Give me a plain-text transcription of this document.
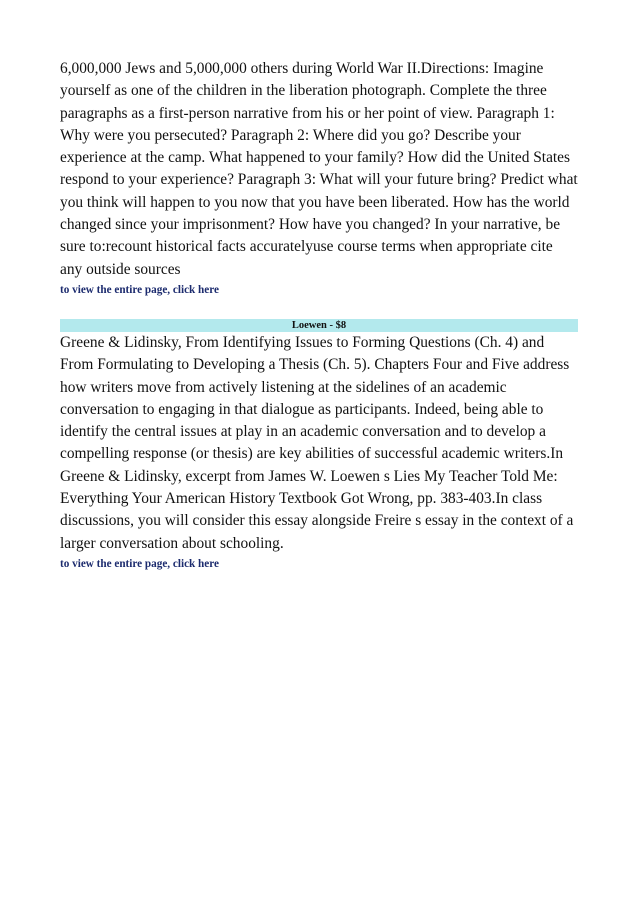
6,000,000 Jews and 5,000,000 others during World War II.Directions: Imagine yourself as one of the children in the liberation photograph. Complete the three paragraphs as a first-person narrative from his or her point of view. Paragraph 1: Why were you persecuted? Paragraph 2: Where did you go? Describe your experience at the camp. What happened to your family? How did the United States respond to your experience? Paragraph 3: What will your future bring? Predict what you think will happen to you now that you have been liberated. How has the world changed since your imprisonment? How have you changed? In your narrative, be sure to:recount historical facts accuratelyuse course terms when appropriate cite any outside sources

to view the entire page, click here
Loewen - $8

Greene & Lidinsky, From Identifying Issues to Forming Questions (Ch. 4) and From Formulating to Developing a Thesis (Ch. 5). Chapters Four and Five address how writers move from actively listening at the sidelines of an academic conversation to engaging in that dialogue as participants. Indeed, being able to identify the central issues at play in an academic conversation and to develop a compelling response (or thesis) are key abilities of successful academic writers.In Greene & Lidinsky, excerpt from James W. Loewen s Lies My Teacher Told Me: Everything Your American History Textbook Got Wrong, pp. 383-403.In class discussions, you will consider this essay alongside Freire s essay in the context of a larger conversation about schooling.

to view the entire page, click here
